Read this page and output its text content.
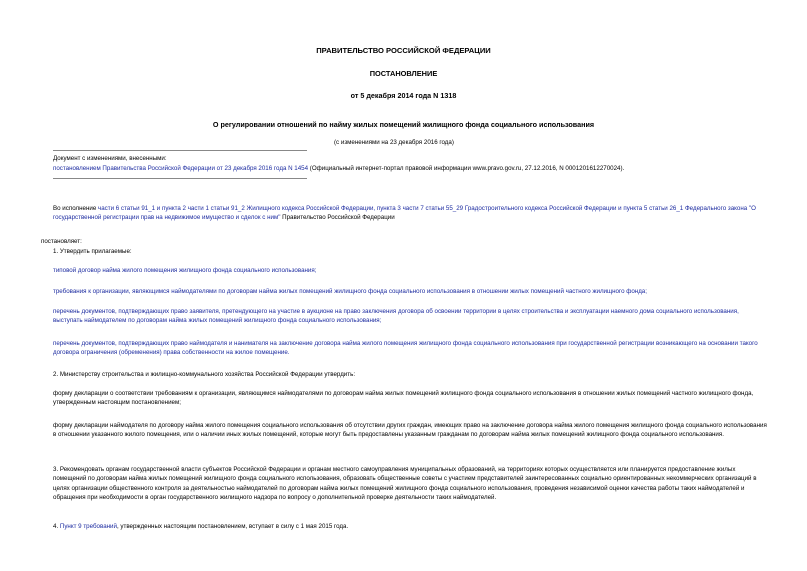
ПРАВИТЕЛЬСТВО РОССИЙСКОЙ ФЕДЕРАЦИИ
ПОСТАНОВЛЕНИЕ
от 5 декабря 2014 года N 1318
О регулировании отношений по найму жилых помещений жилищного фонда социального использования
(с изменениями на 23 декабря 2016 года)
Документ с изменениями, внесенными:
постановлением Правительства Российской Федерации от 23 декабря 2016 года N 1454 (Официальный интернет-портал правовой информации www.pravo.gov.ru, 27.12.2016, N 0001201612270024).
Во исполнение части 6 статьи 91_1 и пункта 2 части 1 статьи 91_2 Жилищного кодекса Российской Федерации, пункта 3 части 7 статьи 55_29 Градостроительного кодекса Российской Федерации и пункта 5 статьи 26_1 Федерального закона "О государственной регистрации прав на недвижимое имущество и сделок с ним" Правительство Российской Федерации
постановляет:
1. Утвердить прилагаемые:
типовой договор найма жилого помещения жилищного фонда социального использования;
требования к организации, являющимся наймодателями по договорам найма жилых помещений жилищного фонда социального использования в отношении жилых помещений частного жилищного фонда;
перечень документов, подтверждающих право заявителя, претендующего на участие в аукционе на право заключения договора об освоении территории в целях строительства и эксплуатации наемного дома социального использования, выступать наймодателем по договорам найма жилых помещений жилищного фонда социального использования;
перечень документов, подтверждающих право наймодателя и нанимателя на заключение договора найма жилого помещения жилищного фонда социального использования при государственной регистрации возникающего на основании такого договора ограничения (обременения) права собственности на жилое помещение.
2. Министерству строительства и жилищно-коммунального хозяйства Российской Федерации утвердить:
форму декларации о соответствии требованиям к организации, являющимся наймодателями по договорам найма жилых помещений жилищного фонда социального использования в отношении жилых помещений частного жилищного фонда, утвержденным настоящим постановлением;
форму декларации наймодателя по договору найма жилого помещения социального использования об отсутствии других граждан, имеющих право на заключение договора найма жилого помещения жилищного фонда социального использования в отношении указанного жилого помещения, или о наличии иных жилых помещений, которые могут быть предоставлены указанным гражданам по договорам найма жилых помещений жилищного фонда социального использования.
3. Рекомендовать органам государственной власти субъектов Российской Федерации и органам местного самоуправления муниципальных образований, на территориях которых осуществляется или планируется предоставление жилых помещений по договорам найма жилых помещений жилищного фонда социального использования, образовать общественные советы с участием представителей заинтересованных социально ориентированных некоммерческих организаций в целях организации общественного контроля за деятельностью наймодателей по договорам найма жилых помещений жилищного фонда социального использования, проведения независимой оценки качества работы таких наймодателей и обращения при необходимости в орган государственного жилищного надзора по вопросу о дополнительной проверке деятельности таких наймодателей.
4. Пункт 9 требований, утвержденных настоящим постановлением, вступает в силу с 1 мая 2015 года.
